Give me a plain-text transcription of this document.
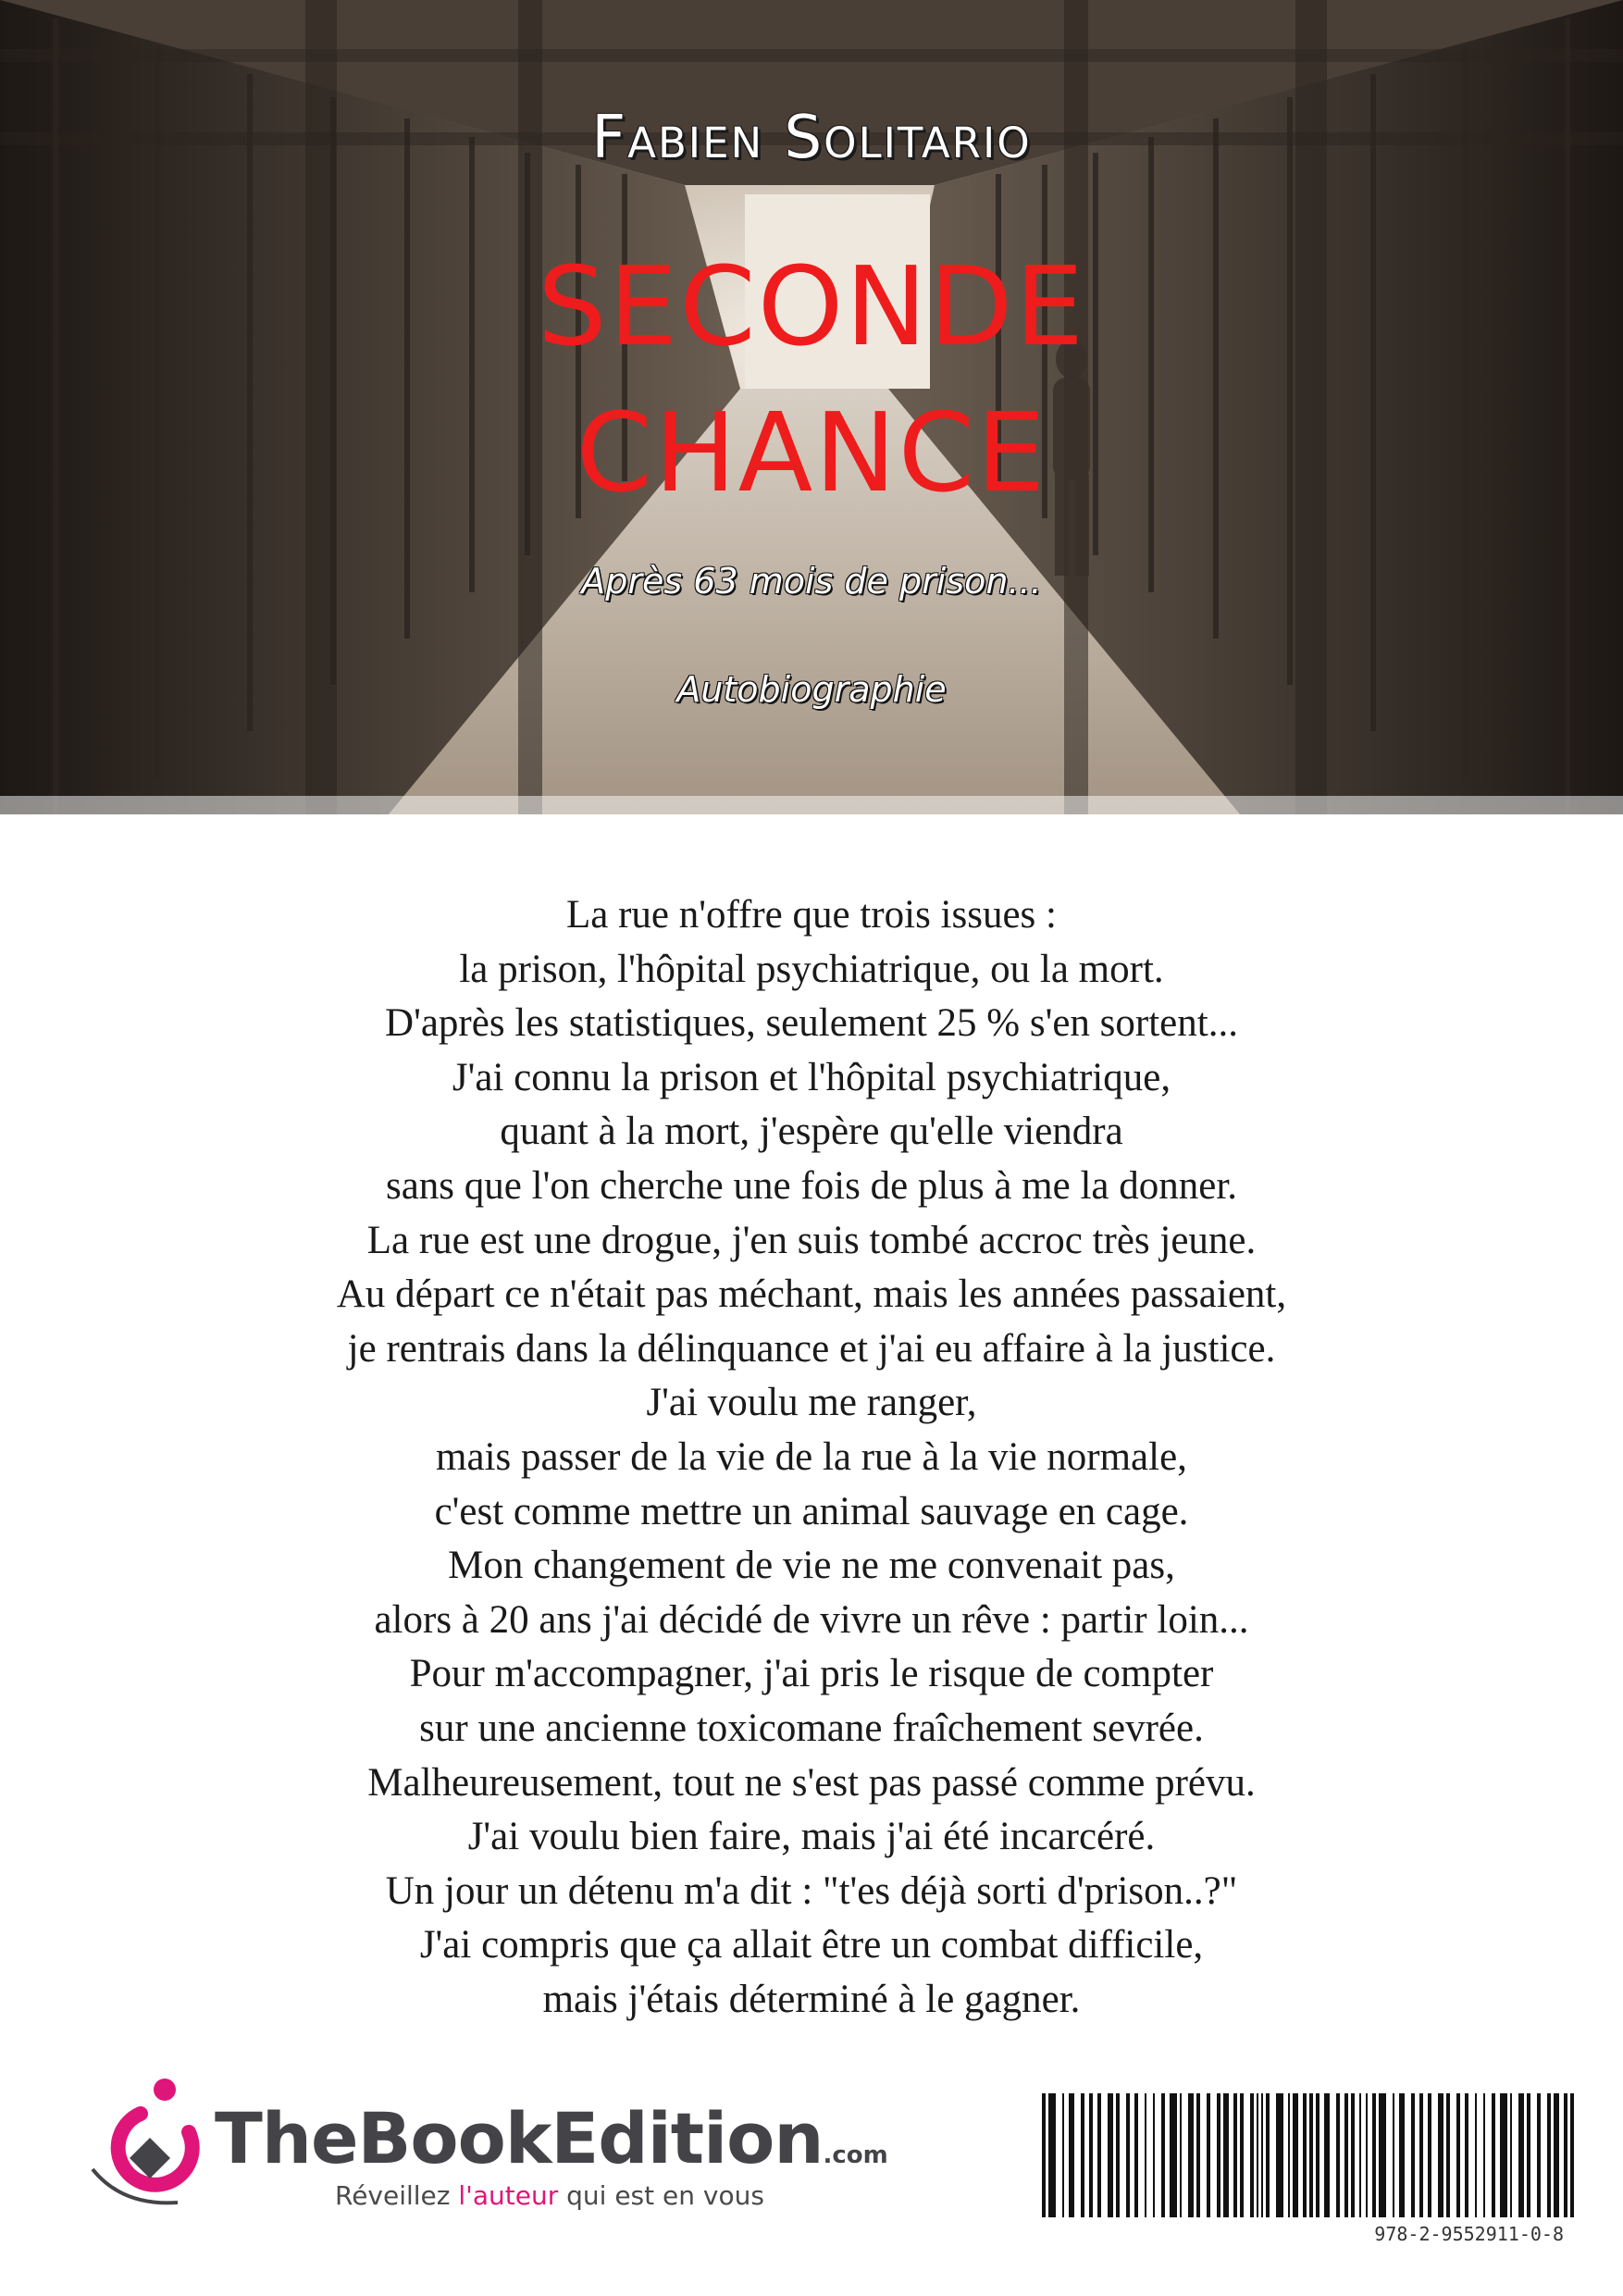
Fabien Solitario
SECONDE
CHANCE
Après 63 mois de prison...
Autobiographie
La rue n'offre que trois issues :
la prison, l'hôpital psychiatrique, ou la mort.
D'après les statistiques, seulement 25 % s'en sortent...
J'ai connu la prison et l'hôpital psychiatrique,
quant à la mort, j'espère qu'elle viendra
sans que l'on cherche une fois de plus à me la donner.
La rue est une drogue, j'en suis tombé accroc très jeune.
Au départ ce n'était pas méchant, mais les années passaient,
je rentrais dans la délinquance et j'ai eu affaire à la justice.
J'ai voulu me ranger,
mais passer de la vie de la rue à la vie normale,
c'est comme mettre un animal sauvage en cage.
Mon changement de vie ne me convenait pas,
alors à 20 ans j'ai décidé de vivre un rêve : partir loin...
Pour m'accompagner, j'ai pris le risque de compter
sur une ancienne toxicomane fraîchement sevrée.
Malheureusement, tout ne s'est pas passé comme prévu.
J'ai voulu bien faire, mais j'ai été incarcéré.
Un jour un détenu m'a dit : "t'es déjà sorti d'prison..?"
J'ai compris que ça allait être un combat difficile,
mais j'étais déterminé à le gagner.
TheBookEdition.com
Réveillez l'auteur qui est en vous
978-2-9552911-0-8
